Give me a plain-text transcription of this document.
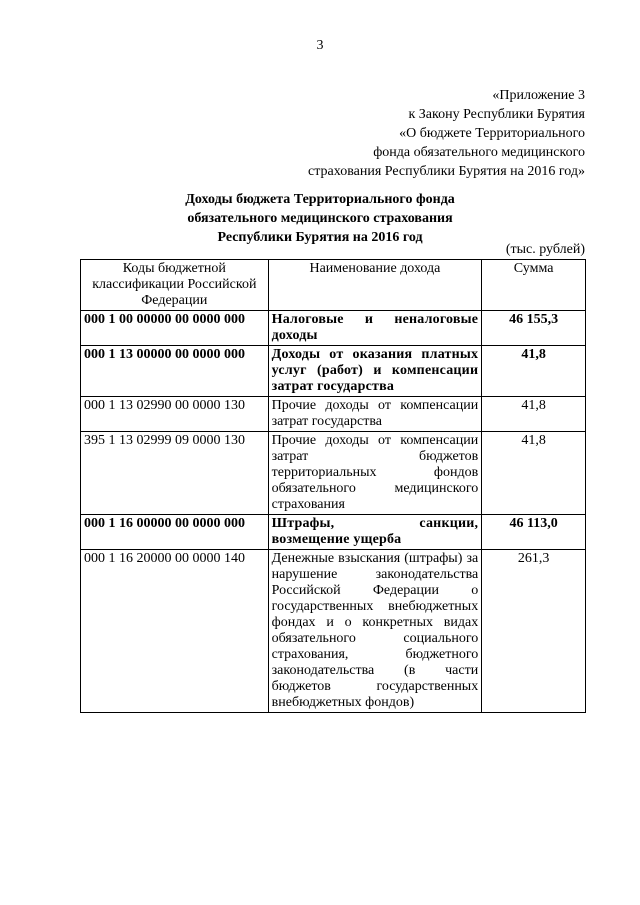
3
«Приложение 3
к Закону Республики Бурятия
«О бюджете Территориального
фонда обязательного медицинского
страхования Республики Бурятия на 2016 год»
Доходы бюджета Территориального фонда
обязательного медицинского страхования
Республики Бурятия на 2016 год
(тыс. рублей)
Коды бюджетной классификации Российской Федерации	Наименование дохода	Сумма
000 1 00 00000 00 0000 000	Налоговые и неналоговые доходы	46 155,3
000 1 13 00000 00 0000 000	Доходы от оказания платных услуг (работ) и компенсации затрат государства	41,8
000 1 13 02990 00 0000 130	Прочие доходы от компенсации затрат государства	41,8
395 1 13 02999 09 0000 130	Прочие доходы от компенсации затрат бюджетов территориальных фондов обязательного медицинского страхования	41,8
000 1 16 00000 00 0000 000	Штрафы, санкции, возмещение ущерба	46 113,0
000 1 16 20000 00 0000 140	Денежные взыскания (штрафы) за нарушение законодательства Российской Федерации о государственных внебюджетных фондах и о конкретных видах обязательного социального страхования, бюджетного законодательства (в части бюджетов государственных внебюджетных фондов)	261,3
